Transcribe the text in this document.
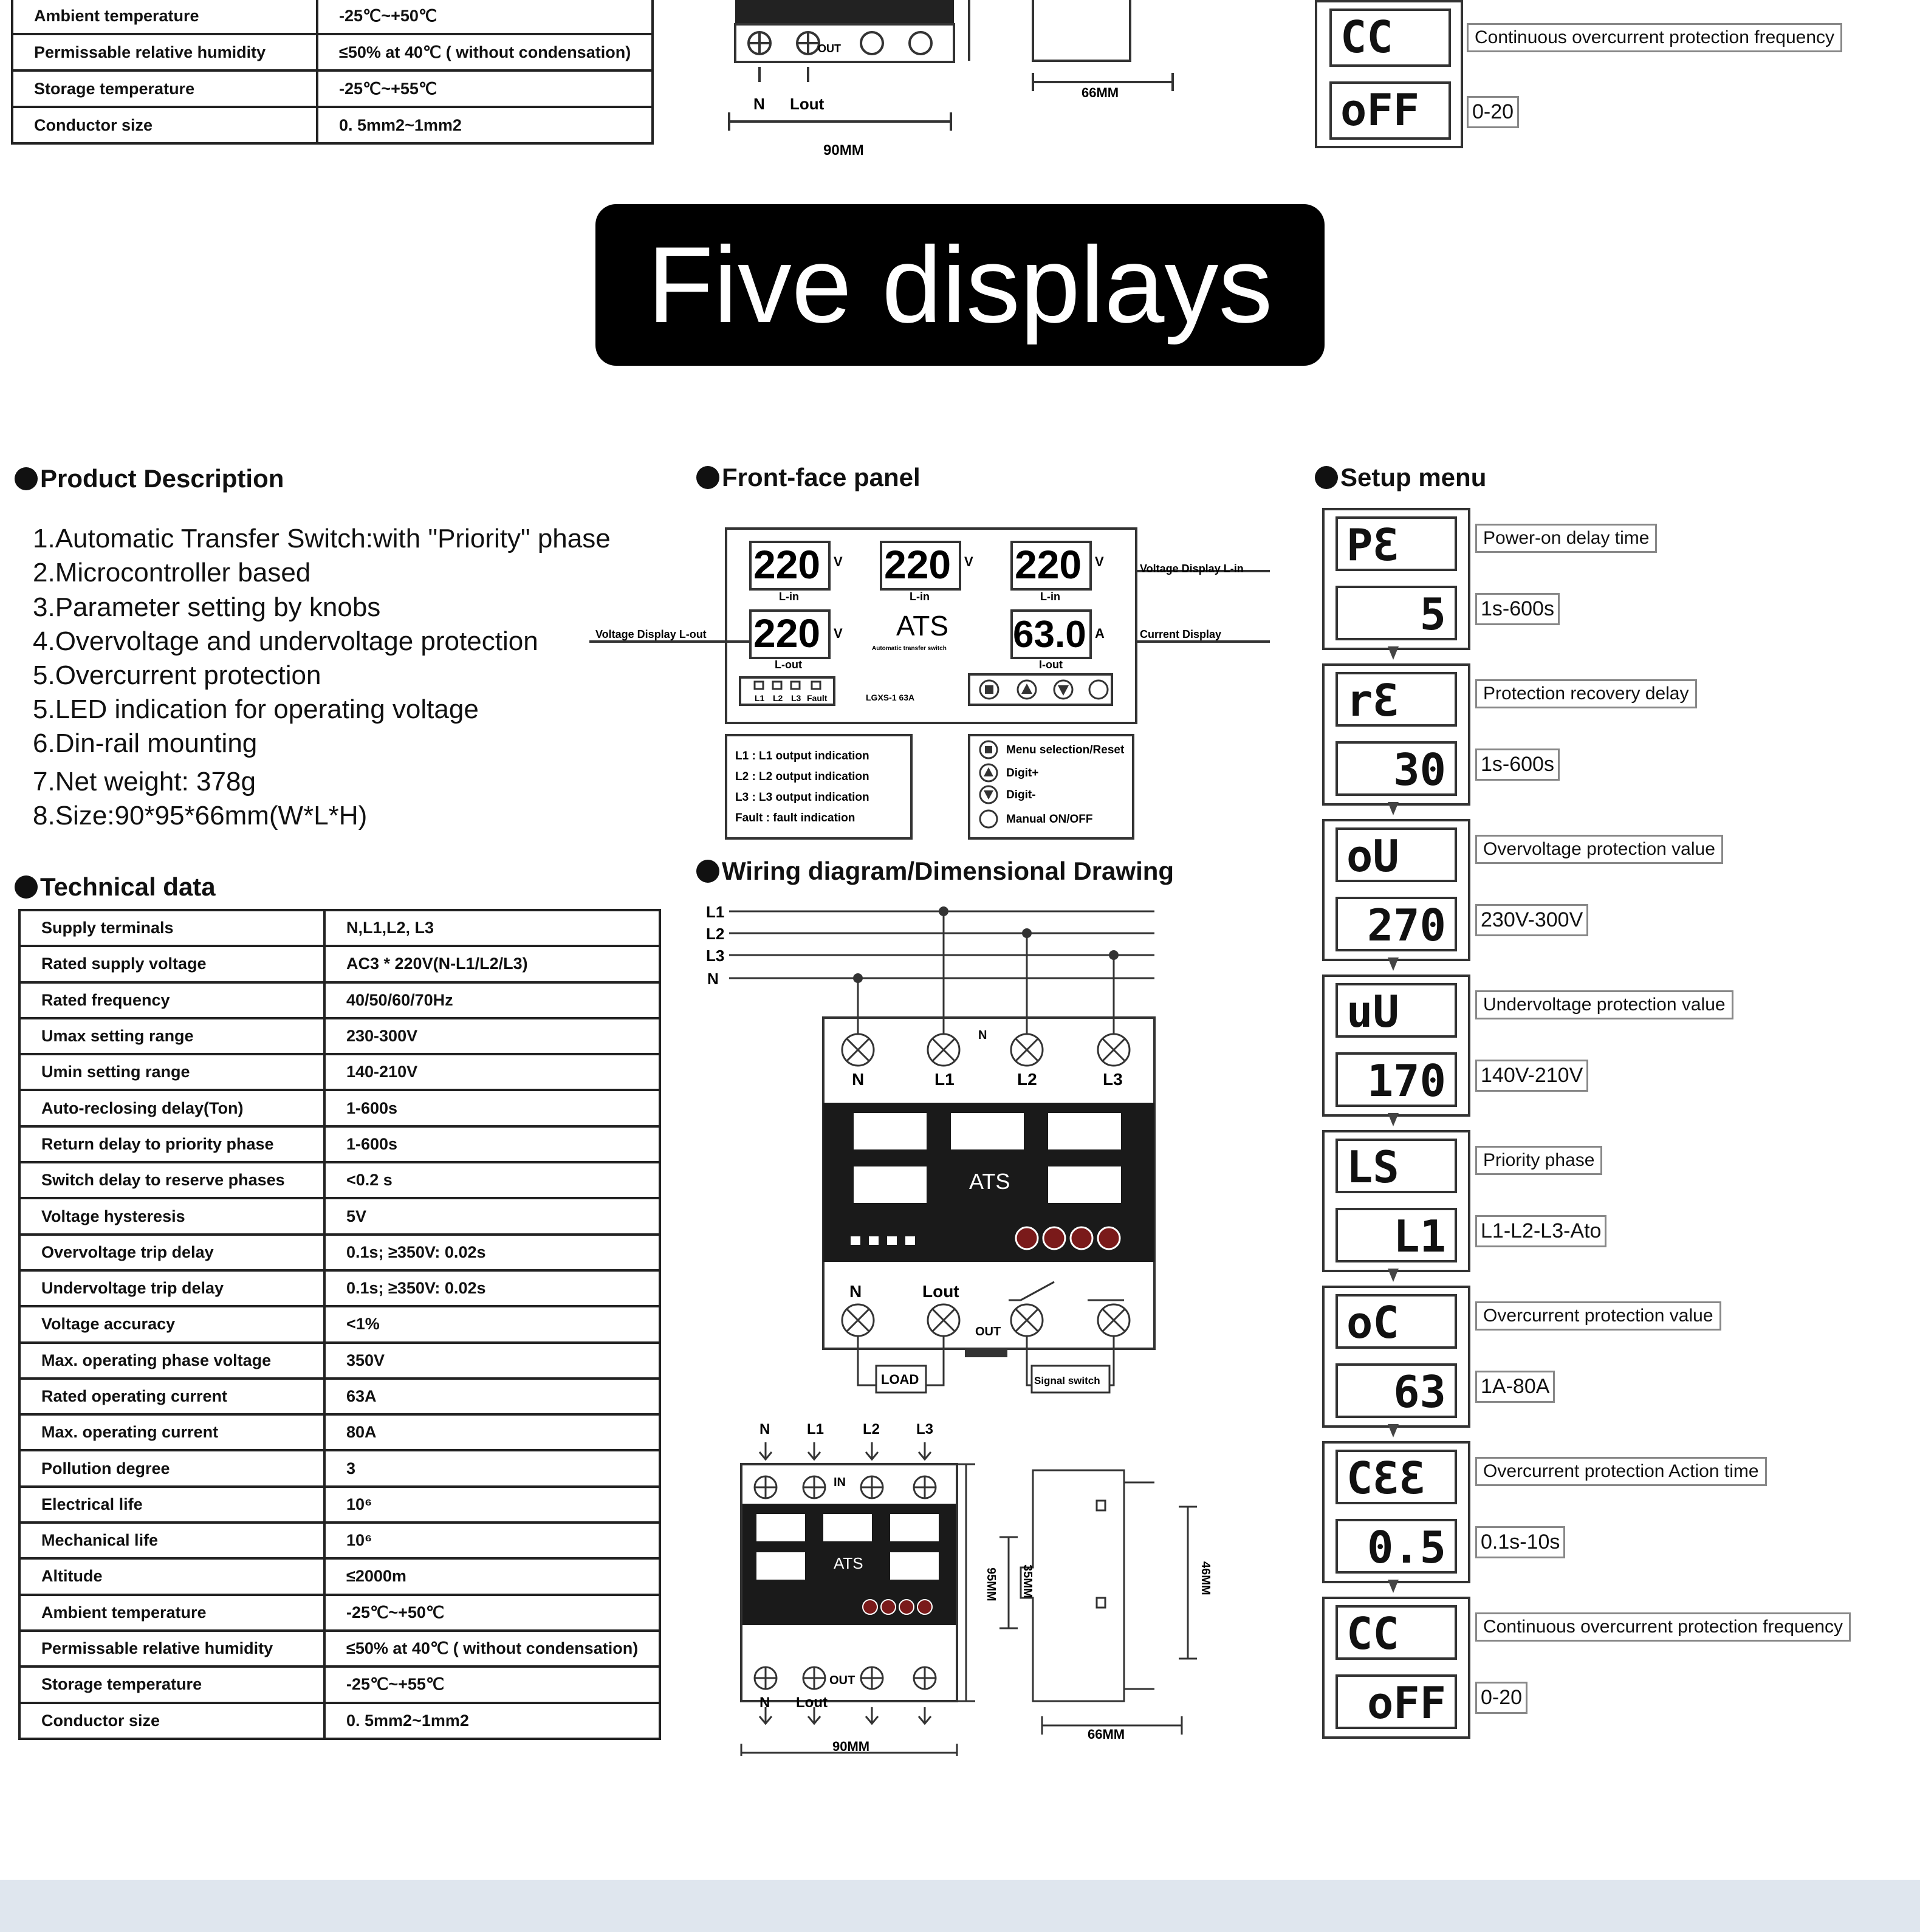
Ambient temperature	-25℃~+50℃
Permissable relative humidity	≤50% at 40℃ ( without condensation)
Storage temperature	-25℃~+55℃
Conductor size	0. 5mm2~1mm2
OUT
N Lout
90MM
66MM
CC
oFF
Continuous overcurrent protection frequency
0-20
Five displays
Product Description
1.Automatic Transfer Switch:with "Priority" phase
2.Microcontroller based
3.Parameter setting by knobs
4.Overvoltage and undervoltage protection
5.Overcurrent protection
5.LED indication for operating voltage
6.Din-rail mounting
7.Net weight: 378g
8.Size:90*95*66mm(W*L*H)
Technical data
Supply terminals	N,L1,L2, L3
Rated supply voltage	AC3 * 220V(N-L1/L2/L3)
Rated frequency	40/50/60/70Hz
Umax setting range	230-300V
Umin setting range	140-210V
Auto-reclosing delay(Ton)	1-600s
Return delay to priority phase	1-600s
Switch delay to reserve phases	<0.2 s
Voltage hysteresis	5V
Overvoltage trip delay	0.1s; ≥350V: 0.02s
Undervoltage trip delay	0.1s; ≥350V: 0.02s
Voltage accuracy	<1%
Max. operating phase voltage	350V
Rated operating current	63A
Max. operating current	80A
Pollution degree	3
Electrical life	10⁶
Mechanical life	10⁶
Altitude	≤2000m
Ambient temperature	-25℃~+50℃
Permissable relative humidity	≤50% at 40℃ ( without condensation)
Storage temperature	-25℃~+55℃
Conductor size	0. 5mm2~1mm2
Front-face panel
220 220 220
220	63.0
V	V	V
V	A
L-in	L-in	L-in
L-out	I-out
ATS
Automatic transfer switch
Voltage Display L-in
Voltage Display L-out	Current Display
L1 L2 L3 Fault	LGXS-1 63A
L1 : L1 output indication
L2 : L2 output indication
L3 : L3 output indication
Fault : fault indication
Menu selection/Reset
Digit+
Digit-
Manual ON/OFF
Wiring diagram/Dimensional Drawing
L1
L2
L3
N
N	L1	L2	L3
N
ATS
N	Lout
OUT
LOAD	Signal switch
N	L1	L2 L3
ATS
IN
OUT
N Lout
90MM
66MM
95MM 35MM	46MM
Setup menu
PƐ
5
Power-on delay time
1s-600s
rƐ
30
Protection recovery delay
1s-600s
oU
270
Overvoltage protection value
230V-300V
uU
170
Undervoltage protection value
140V-210V
LS
L1
Priority phase
L1-L2-L3-Ato
oC
63
Overcurrent protection value
1A-80A
CƐƐ
0.5
Overcurrent protection Action time
0.1s-10s
CC
oFF
Continuous overcurrent protection frequency
0-20
